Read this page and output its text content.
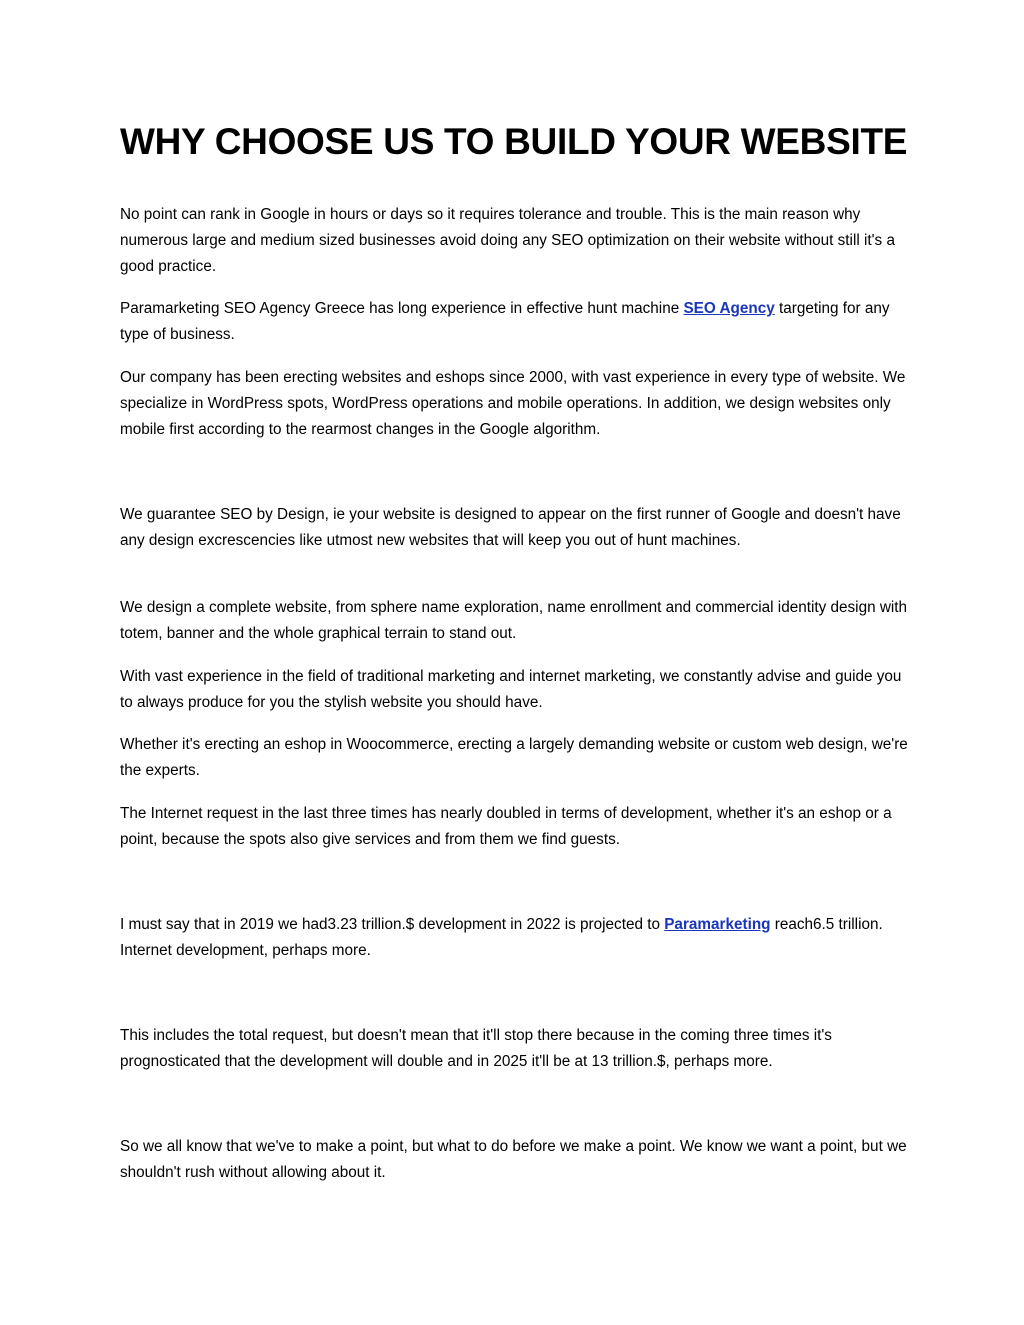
WHY CHOOSE US TO BUILD YOUR WEBSITE

No point can rank in Google in hours or days so it requires tolerance and trouble. This is the main reason why numerous large and medium sized businesses avoid doing any SEO optimization on their website without still it's a good practice.

Paramarketing SEO Agency Greece has long experience in effective hunt machine SEO Agency targeting for any type of business.

Our company has been erecting websites and eshops since 2000, with vast experience in every type of website. We specialize in WordPress spots, WordPress operations and mobile operations. In addition, we design websites only mobile first according to the rearmost changes in the Google algorithm.

We guarantee SEO by Design, ie your website is designed to appear on the first runner of Google and doesn't have any design excrescencies like utmost new websites that will keep you out of hunt machines.

We design a complete website, from sphere name exploration, name enrollment and commercial identity design with totem, banner and the whole graphical terrain to stand out.

With vast experience in the field of traditional marketing and internet marketing, we constantly advise and guide you to always produce for you the stylish website you should have.

Whether it's erecting an eshop in Woocommerce, erecting a largely demanding website or custom web design, we're the experts.

The Internet request in the last three times has nearly doubled in terms of development, whether it's an eshop or a point, because the spots also give services and from them we find guests.

I must say that in 2019 we had3.23 trillion.$ development in 2022 is projected to Paramarketing reach6.5 trillion. Internet development, perhaps more.

This includes the total request, but doesn't mean that it'll stop there because in the coming three times it's prognosticated that the development will double and in 2025 it'll be at 13 trillion.$, perhaps more.

So we all know that we've to make a point, but what to do before we make a point. We know we want a point, but we shouldn't rush without allowing about it.
